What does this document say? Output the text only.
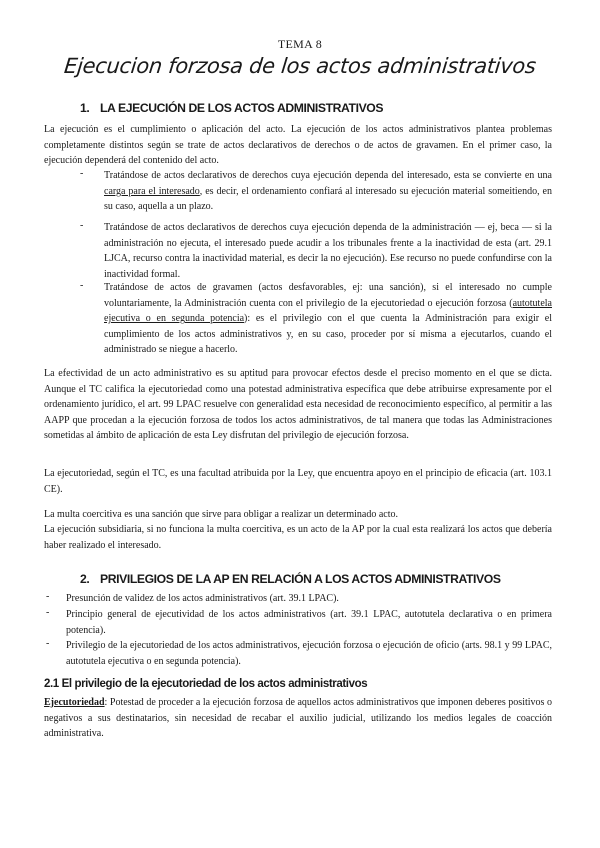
TEMA 8
Ejecucion forzosa de los actos administrativos
1. LA EJECUCIÓN DE LOS ACTOS ADMINISTRATIVOS
La ejecución es el cumplimiento o aplicación del acto. La ejecución de los actos administrativos plantea problemas completamente distintos según se trate de actos declarativos de derechos o de actos de gravamen. En el primer caso, la ejecución dependerá del contenido del acto.
- Tratándose de actos declarativos de derechos cuya ejecución dependa del interesado, esta se convierte en una carga para el interesado, es decir, el ordenamiento confiará al interesado su ejecución material someitiendo, en su caso, aquella a un plazo.
- Tratándose de actos declarativos de derechos cuya ejecución dependa de la administración — ej, beca — si la administración no ejecuta, el interesado puede acudir a los tribunales frente a la inactividad de esta (art. 29.1 LJCA, recurso contra la inactividad material, es decir la no ejecución). Ese recurso no puede confundirse con la inactividad formal.
- Tratándose de actos de gravamen (actos desfavorables, ej: una sanción), si el interesado no cumple voluntariamente, la Administración cuenta con el privilegio de la ejecutoriedad o ejecución forzosa (autotutela ejecutiva o en segunda potencia): es el privilegio con el que cuenta la Administración para exigir el cumplimiento de los actos administrativos y, en su caso, proceder por sí misma a ejecutarlos, cuando el administrado se niegue a hacerlo.
La efectividad de un acto administrativo es su aptitud para provocar efectos desde el preciso momento en el que se dicta. Aunque el TC califica la ejecutoriedad como una potestad administrativa específica que debe atribuirse expresamente por el ordenamiento jurídico, el art. 99 LPAC resuelve con generalidad esta necesidad de reconocimiento específico, al permitir a las AAPP que procedan a la ejecución forzosa de todos los actos administrativos, de tal manera que todas las Administraciones sometidas al ámbito de aplicación de esta Ley disfrutan del privilegio de ejecución forzosa.
La ejecutoriedad, según el TC, es una facultad atribuida por la Ley, que encuentra apoyo en el principio de eficacia (art. 103.1 CE).
La multa coercitiva es una sanción que sirve para obligar a realizar un determinado acto.
La ejecución subsidiaria, si no funciona la multa coercitiva, es un acto de la AP por la cual esta realizará los actos que debería haber realizado el interesado.
2. PRIVILEGIOS DE LA AP EN RELACIÓN A LOS ACTOS ADMINISTRATIVOS
- Presunción de validez de los actos administrativos (art. 39.1 LPAC).
- Principio general de ejecutividad de los actos administrativos (art. 39.1 LPAC, autotutela declarativa o en primera potencia).
- Privilegio de la ejecutoriedad de los actos administrativos, ejecución forzosa o ejecución de oficio (arts. 98.1 y 99 LPAC, autotutela ejecutiva o en segunda potencia).
2.1 El privilegio de la ejecutoriedad de los actos administrativos
Ejecutoriedad: Potestad de proceder a la ejecución forzosa de aquellos actos administrativos que imponen deberes positivos o negativos a sus destinatarios, sin necesidad de recabar el auxilio judicial, utilizando los medios legales de coacción administrativa.
